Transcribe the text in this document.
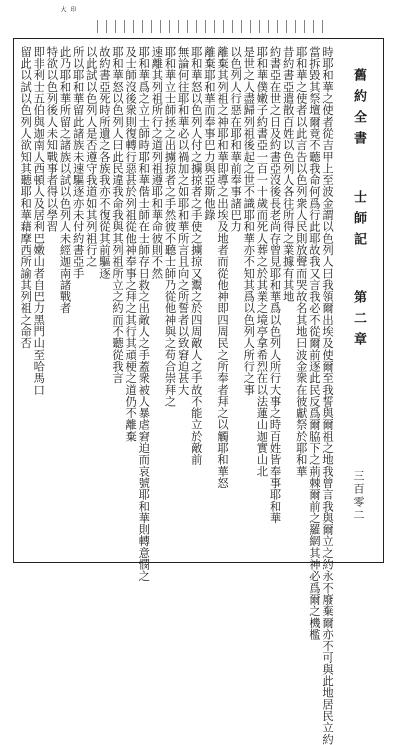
大 印
舊約全書
士師記
第二章
三百零二
時耶和華之使者從吉甲上至波金謂以色列人曰我領爾出埃及使爾至我誓與爾祖之地我曾言我與爾立之約永不廢棄爾亦不可與此地居民立約
當拆毀其祭壇爾竟不聽我命何爲行此耶故我又言我必不從爾前逐此民反爲爾脇下之荊棘爾前之羅網其神必爲爾之機檻
耶和華之使者以此言告以色列衆人民則放聲而哭故名其地曰波金衆在彼獻祭於耶和華
昔約書亞遣散百姓以色列人各往所得之業據有其地
約書亞在世之日及約書亞沒後長老尚存曾見耶和華爲以色列人所行大事之時百姓皆奉事耶和華
耶和華僕嫩子約書亞一百一十歲而死人葬之於其業之境亭拿希烈在以法蓮山迦實山北
是世之人盡歸列祖後起之世不識耶和華亦不知其爲以色列人所行之事
以色列人行惡在耶和華前奉事諸巴力
離棄其列祖之神耶和華即導之出埃及地者而從他神即四周民之所奉者拜之以觸耶和華怒
離棄耶和華而奉事巴力與亞斯他錄
耶和華怒以色列人付之擄掠者之手使之擄掠又鬻之於四周敵人之手故不能立於敵前
無論何往耶和華必以禍加之如耶和華所言且向之所誓者以致窘迫甚大
耶和華立士師拯之出擄掠者之手然彼不聽士師乃從他神與之苟合崇拜之
速離其列祖所行之道列祖遵耶和華命彼則不然
耶和華爲之立士師時耶和華偕士師在士師存日救之出敵人之手蓋衆被人暴虐窘迫而哀號耶和華則轉意憫之
及士師沒後衆則復轉行惡甚於列祖從他神奉事之拜之其行其頑梗之道仍不離棄
耶和華怒以色列人曰此民違我命我與其列祖所立之約而不聽從我言
故約書亞死時所遺之各族我亦不復從其前驅逐
以此試以色列人是否遵守我道如其列祖行之
所以耶和華留此諸族未速驅逐亦未付約書亞手
此乃耶和華所留之諸族以試以色列人未經迦南諸戰者
特欲以色列後人未知戰事者得以學習
即非利士五伯與迦南人西頓人及居利巴嫩山者自巴力黑門山至哈馬口
留此以試以色列人欲知其聽耶和華藉摩西所諭其列祖之命否
